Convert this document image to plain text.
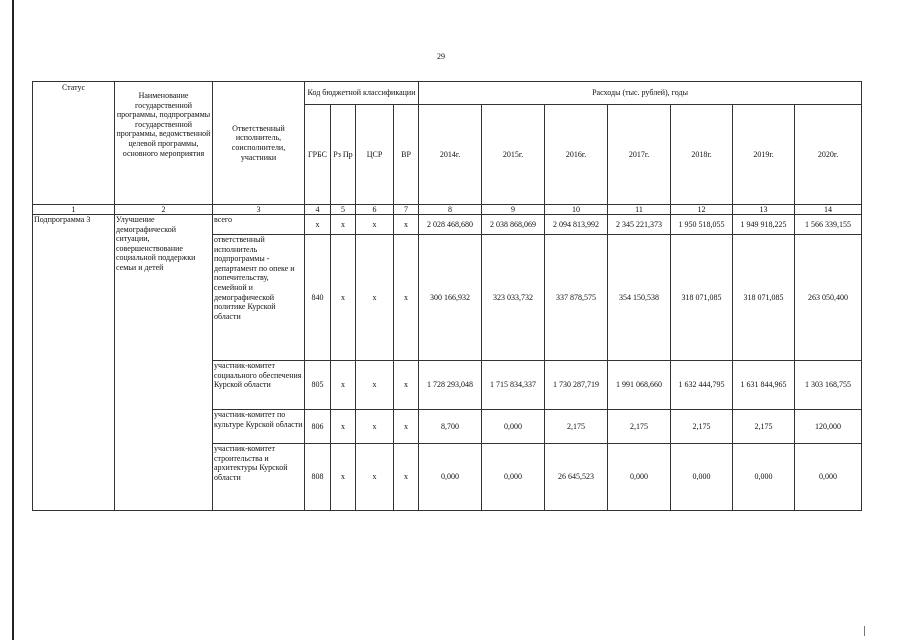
29
Статус	Наименование государственной программы, подпрограммы государственной программы, ведомственной целевой программы, основного мероприятия	Ответственный исполнитель, соисполнители, участники	Код бюджетной классификации				Расходы (тыс. рублей), годы						
			ГРБС	Рз Пр	ЦСР	ВР	2014г.	2015г.	2016г.	2017г.	2018г.	2019г.	2020г.
1	2	3	4	5	6	7	8	9	10	11	12	13	14
Подпрограмма 3	Улучшение демографической ситуации, совершенствование социальной поддержки семьи и детей	всего	x	x	x	x	2 028 468,680	2 038 868,069	2 094 813,992	2 345 221,373	1 950 518,055	1 949 918,225	1 566 339,155
		ответственный исполнитель подпрограммы - департамент по опеке и попечительству, семейной и демографической политике Курской области	840	x	x	x	300 166,932	323 033,732	337 878,575	354 150,538	318 071,085	318 071,085	263 050,400
		участник-комитет социального обеспечения Курской области	805	x	x	x	1 728 293,048	1 715 834,337	1 730 287,719	1 991 068,660	1 632 444,795	1 631 844,965	1 303 168,755
		участник-комитет по культуре Курской области	806	x	x	x	8,700	0,000	2,175	2,175	2,175	2,175	120,000
		участник-комитет строительства и архитектуры Курской области	808	x	x	x	0,000	0,000	26 645,523	0,000	0,000	0,000	0,000
